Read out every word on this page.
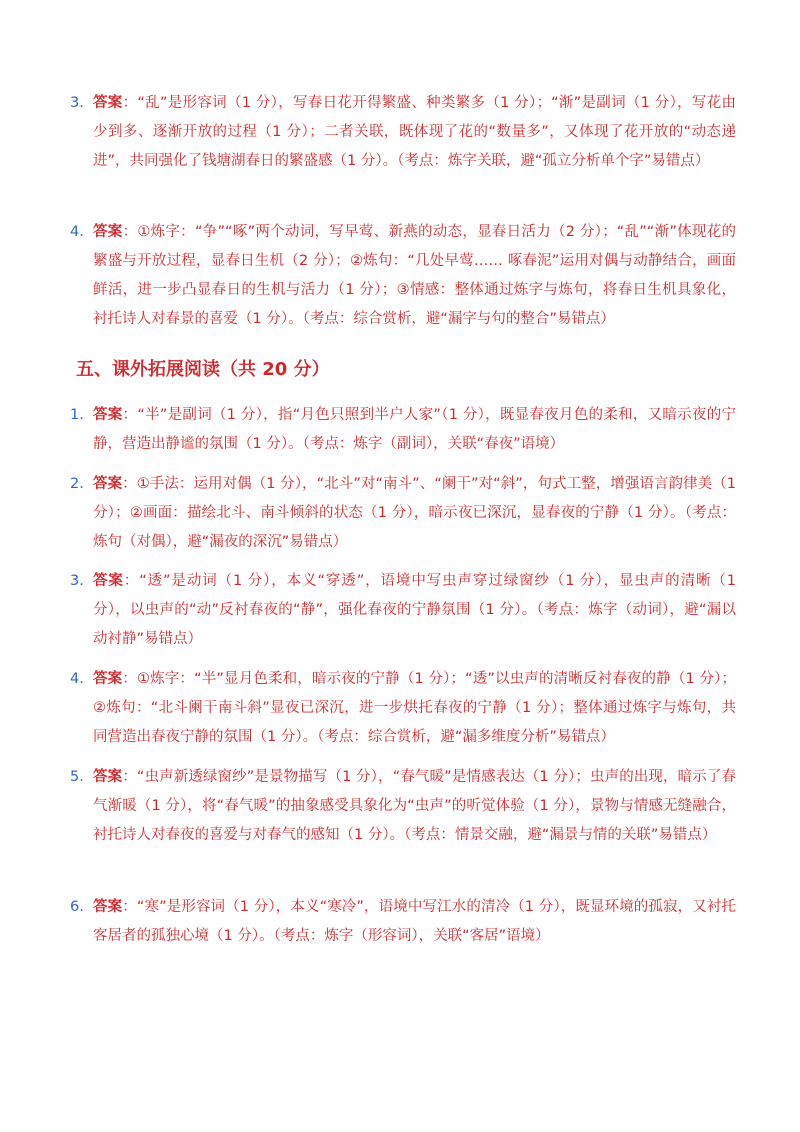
3. 答案：“乱”是形容词（1 分），写春日花开得繁盛、种类繁多（1 分）；“渐”是副词（1 分），写花由少到多、逐渐开放的过程（1 分）；二者关联，既体现了花的“数量多”，又体现了花开放的“动态递进”，共同强化了钱塘湖春日的繁盛感（1 分）。（考点：炼字关联，避“孤立分析单个字”易错点）
4. 答案：①炼字：“争”“啄”两个动词，写早莺、新燕的动态，显春日活力（2 分）；“乱”“渐”体现花的繁盛与开放过程，显春日生机（2 分）；②炼句：“几处早莺…… 啄春泥”运用对偶与动静结合，画面鲜活，进一步凸显春日的生机与活力（1 分）；③情感：整体通过炼字与炼句，将春日生机具象化，衬托诗人对春景的喜爱（1 分）。（考点：综合赏析，避“漏字与句的整合”易错点）
五、课外拓展阅读（共 20 分）
1. 答案：“半”是副词（1 分），指“月色只照到半户人家”（1 分），既显春夜月色的柔和，又暗示夜的宁静，营造出静谧的氛围（1 分）。（考点：炼字（副词），关联“春夜”语境）
2. 答案：①手法：运用对偶（1 分），“北斗”对“南斗”、“阑干”对“斜”，句式工整，增强语言韵律美（1 分）；②画面：描绘北斗、南斗倾斜的状态（1 分），暗示夜已深沉，显春夜的宁静（1 分）。（考点：炼句（对偶），避“漏夜的深沉”易错点）
3. 答案：“透”是动词（1 分），本义“穿透”，语境中写虫声穿过绿窗纱（1 分），显虫声的清晰（1 分），以虫声的“动”反衬春夜的“静”，强化春夜的宁静氛围（1 分）。（考点：炼字（动词），避“漏以动衬静”易错点）
4. 答案：①炼字：“半”显月色柔和，暗示夜的宁静（1 分）；“透”以虫声的清晰反衬春夜的静（1 分）；②炼句：“北斗阑干南斗斜”显夜已深沉，进一步烘托春夜的宁静（1 分）；整体通过炼字与炼句，共同营造出春夜宁静的氛围（1 分）。（考点：综合赏析，避“漏多维度分析”易错点）
5. 答案：“虫声新透绿窗纱”是景物描写（1 分），“春气暖”是情感表达（1 分）；虫声的出现，暗示了春气渐暖（1 分），将“春气暖”的抽象感受具象化为“虫声”的听觉体验（1 分），景物与情感无缝融合，衬托诗人对春夜的喜爱与对春气的感知（1 分）。（考点：情景交融，避“漏景与情的关联”易错点）
6. 答案：“寒”是形容词（1 分），本义“寒冷”，语境中写江水的清冷（1 分），既显环境的孤寂，又衬托客居者的孤独心境（1 分）。（考点：炼字（形容词），关联“客居”语境）
